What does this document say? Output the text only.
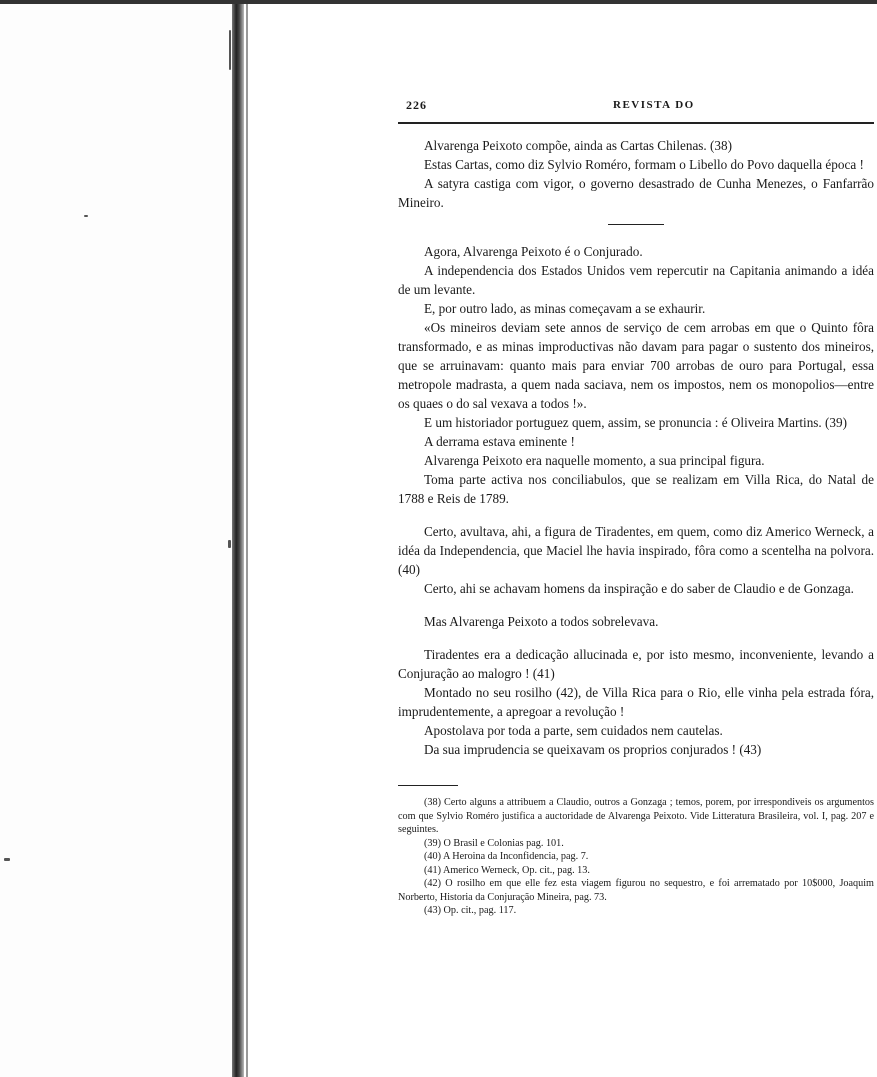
226	REVISTA DO

Alvarenga Peixoto compõe, ainda as Cartas Chilenas. (38)

Estas Cartas, como diz Sylvio Roméro, formam o Libello do Povo daquella época !

A satyra castiga com vigor, o governo desastrado de Cunha Menezes, o Fanfarrão Mineiro.

Agora, Alvarenga Peixoto é o Conjurado.

A independencia dos Estados Unidos vem repercutir na Capitania animando a idéa de um levante.

E, por outro lado, as minas começavam a se exhaurir.

«Os mineiros deviam sete annos de serviço de cem arrobas em que o Quinto fôra transformado, e as minas improductivas não davam para pagar o sustento dos mineiros, que se arruinavam: quanto mais para enviar 700 arrobas de ouro para Portugal, essa metropole madrasta, a quem nada saciava, nem os impostos, nem os monopolios—entre os quaes o do sal vexava a todos !».

E um historiador portuguez quem, assim, se pronuncia : é Oliveira Martins. (39)

A derrama estava eminente !

Alvarenga Peixoto era naquelle momento, a sua principal figura.

Toma parte activa nos conciliabulos, que se realizam em Villa Rica, do Natal de 1788 e Reis de 1789.

Certo, avultava, ahi, a figura de Tiradentes, em quem, como diz Americo Werneck, a idéa da Independencia, que Maciel lhe havia inspirado, fôra como a scentelha na polvora. (40)

Certo, ahi se achavam homens da inspiração e do saber de Claudio e de Gonzaga.

Mas Alvarenga Peixoto a todos sobrelevava.

Tiradentes era a dedicação allucinada e, por isto mesmo, inconveniente, levando a Conjuração ao malogro ! (41)

Montado no seu rosilho (42), de Villa Rica para o Rio, elle vinha pela estrada fóra, imprudentemente, a apregoar a revolução !

Apostolava por toda a parte, sem cuidados nem cautelas.

Da sua imprudencia se queixavam os proprios conjurados ! (43)

(38) Certo alguns a attribuem a Claudio, outros a Gonzaga ; temos, porem, por irrespondiveis os argumentos com que Sylvio Roméro justifica a auctoridade de Alvarenga Peixoto. Vide Litteratura Brasileira, vol. I, pag. 207 e seguintes.

(39) O Brasil e Colonias pag. 101.

(40) A Heroina da Inconfidencia, pag. 7.

(41) Americo Werneck, Op. cit., pag. 13.

(42) O rosilho em que elle fez esta viagem figurou no sequestro, e foi arrematado por 10$000, Joaquim Norberto, Historia da Conjuração Mineira, pag. 73.

(43) Op. cit., pag. 117.
